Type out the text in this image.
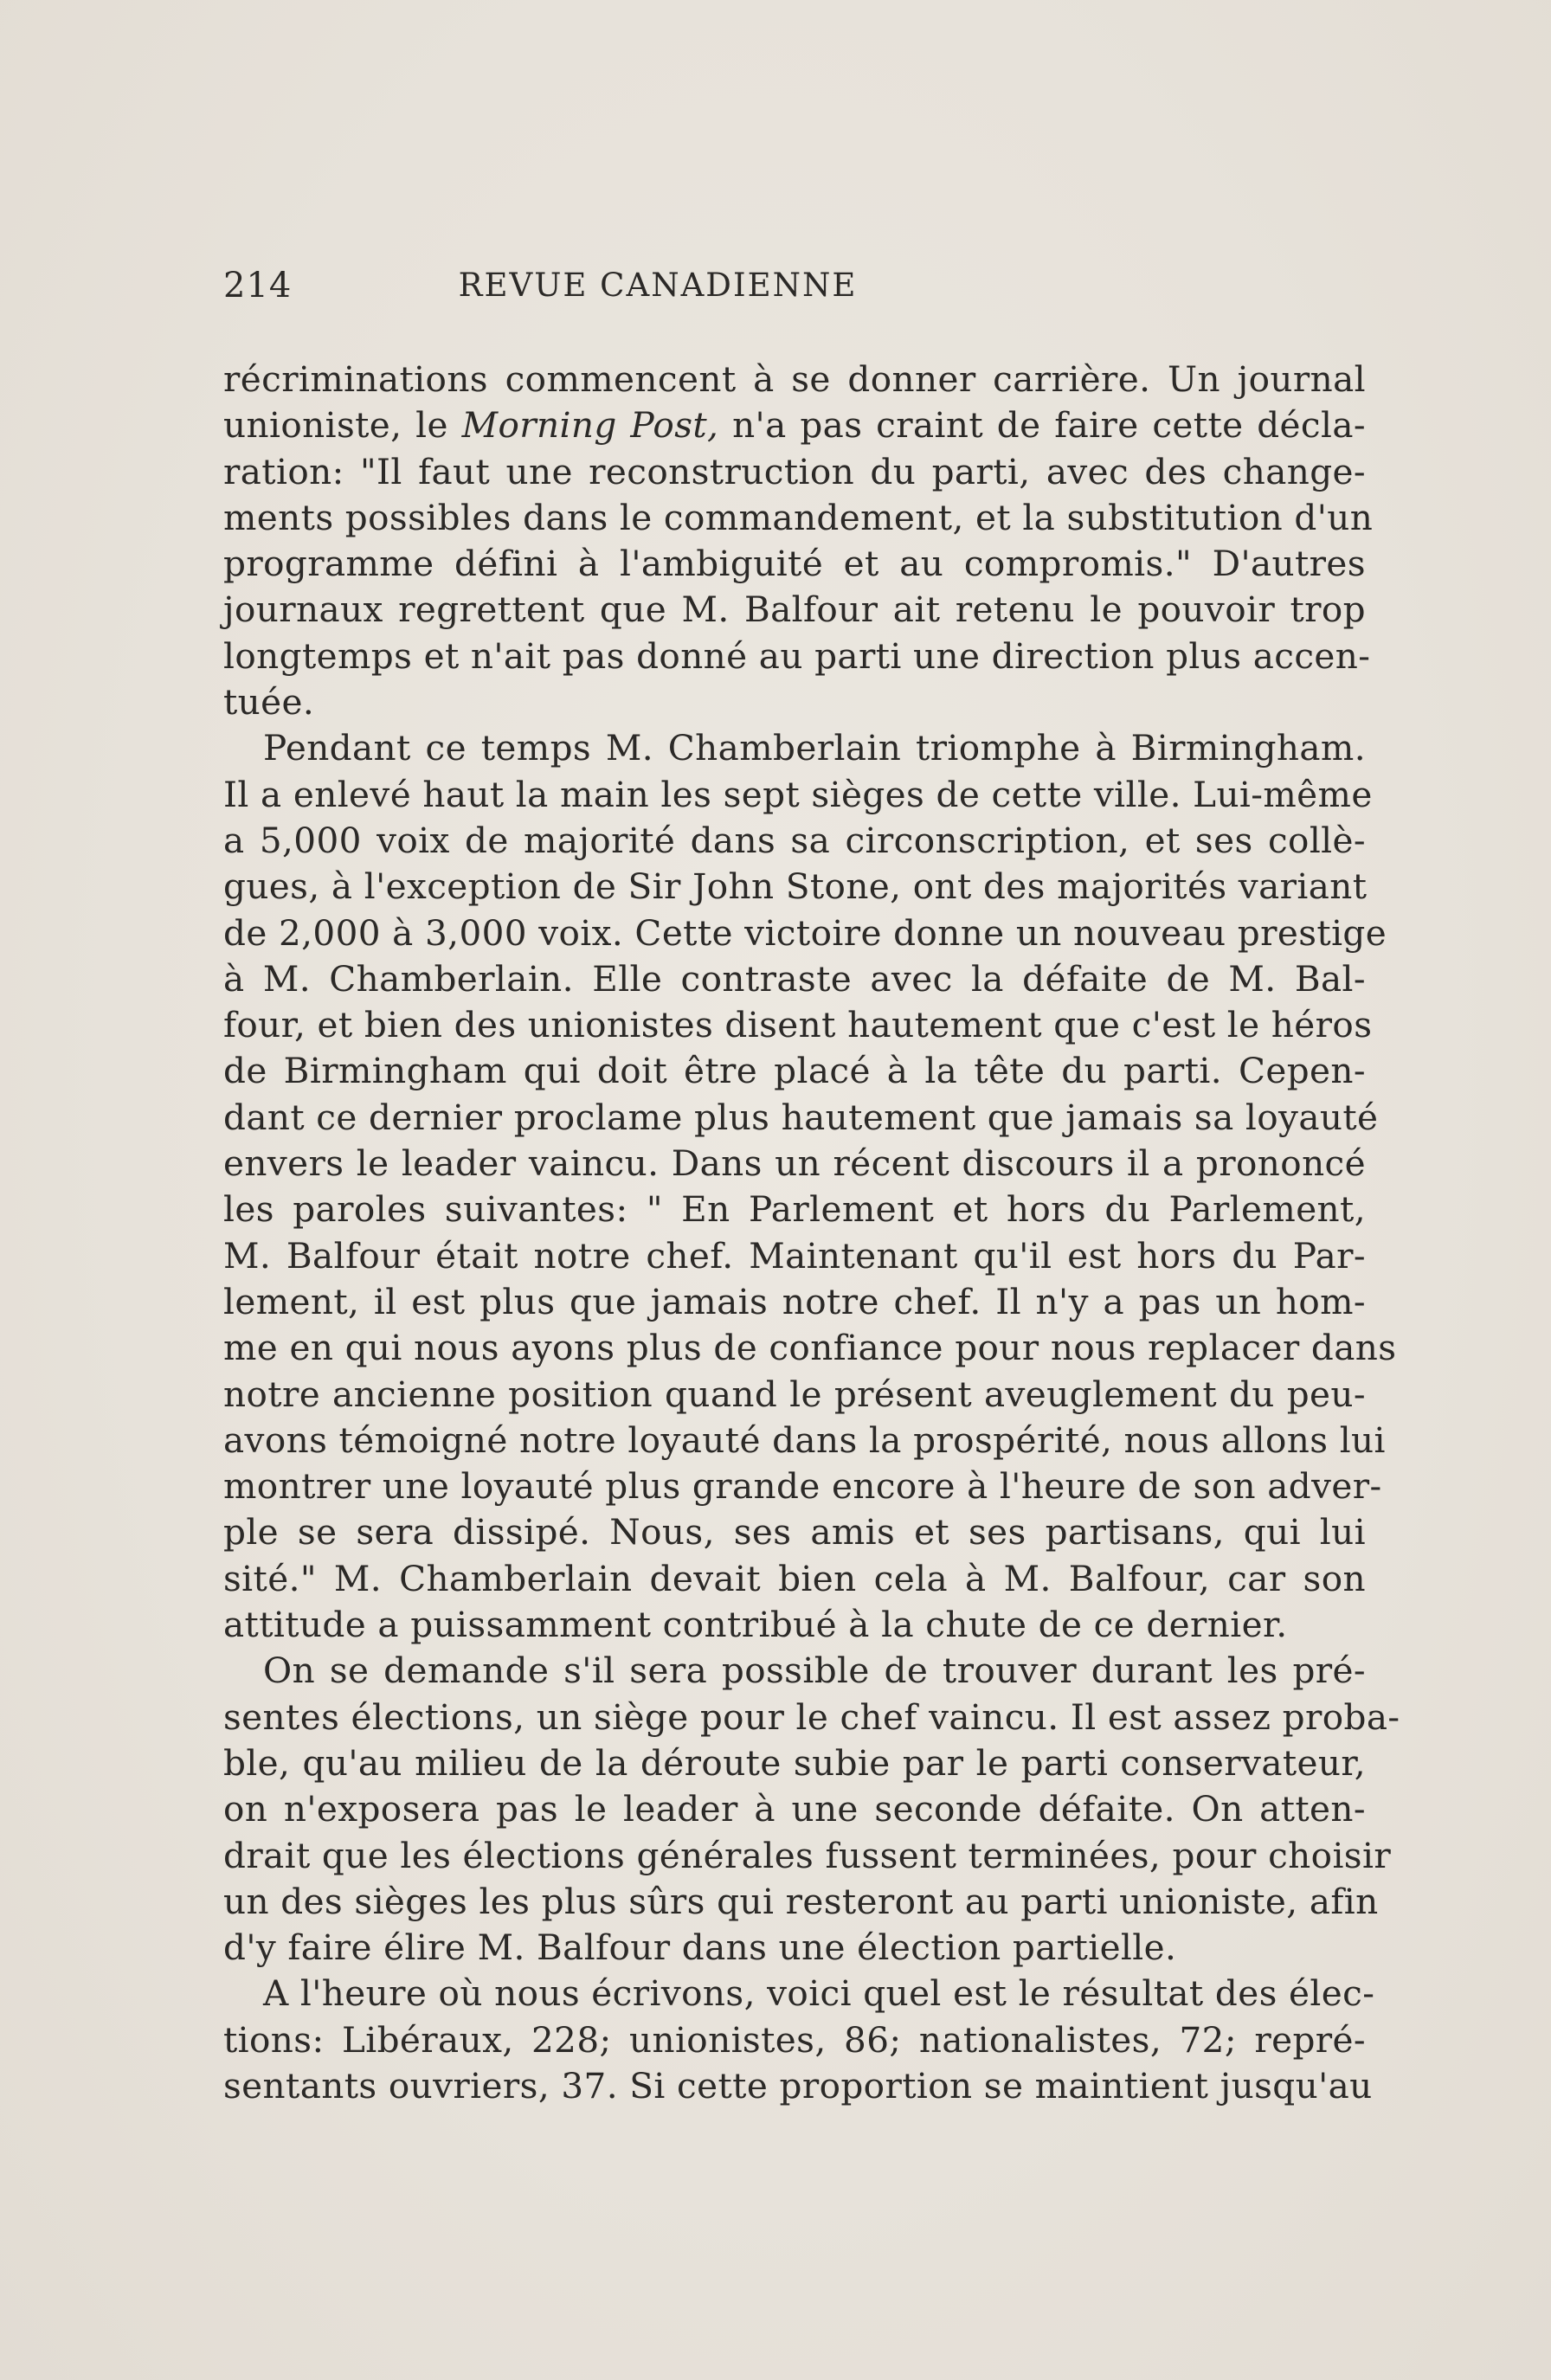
214	REVUE CANADIENNE
récriminations commencent à se donner carrière. Un journal
unioniste, le Morning Post, n'a pas craint de faire cette décla-
ration: "Il faut une reconstruction du parti, avec des change-
ments possibles dans le commandement, et la substitution d'un
programme défini à l'ambiguité et au compromis." D'autres
journaux regrettent que M. Balfour ait retenu le pouvoir trop
longtemps et n'ait pas donné au parti une direction plus accen-
tuée.
Pendant ce temps M. Chamberlain triomphe à Birmingham.
Il a enlevé haut la main les sept sièges de cette ville. Lui-même
a 5,000 voix de majorité dans sa circonscription, et ses collè-
gues, à l'exception de Sir John Stone, ont des majorités variant
de 2,000 à 3,000 voix. Cette victoire donne un nouveau prestige
à M. Chamberlain. Elle contraste avec la défaite de M. Bal-
four, et bien des unionistes disent hautement que c'est le héros
de Birmingham qui doit être placé à la tête du parti. Cepen-
dant ce dernier proclame plus hautement que jamais sa loyauté
envers le leader vaincu. Dans un récent discours il a prononcé
les paroles suivantes: " En Parlement et hors du Parlement,
M. Balfour était notre chef. Maintenant qu'il est hors du Par-
lement, il est plus que jamais notre chef. Il n'y a pas un hom-
me en qui nous ayons plus de confiance pour nous replacer dans
notre ancienne position quand le présent aveuglement du peu-
avons témoigné notre loyauté dans la prospérité, nous allons lui
montrer une loyauté plus grande encore à l'heure de son adver-
ple se sera dissipé. Nous, ses amis et ses partisans, qui lui
sité." M. Chamberlain devait bien cela à M. Balfour, car son
attitude a puissamment contribué à la chute de ce dernier.
On se demande s'il sera possible de trouver durant les pré-
sentes élections, un siège pour le chef vaincu. Il est assez proba-
ble, qu'au milieu de la déroute subie par le parti conservateur,
on n'exposera pas le leader à une seconde défaite. On atten-
drait que les élections générales fussent terminées, pour choisir
un des sièges les plus sûrs qui resteront au parti unioniste, afin
d'y faire élire M. Balfour dans une élection partielle.
A l'heure où nous écrivons, voici quel est le résultat des élec-
tions: Libéraux, 228; unionistes, 86; nationalistes, 72; repré-
sentants ouvriers, 37. Si cette proportion se maintient jusqu'au
